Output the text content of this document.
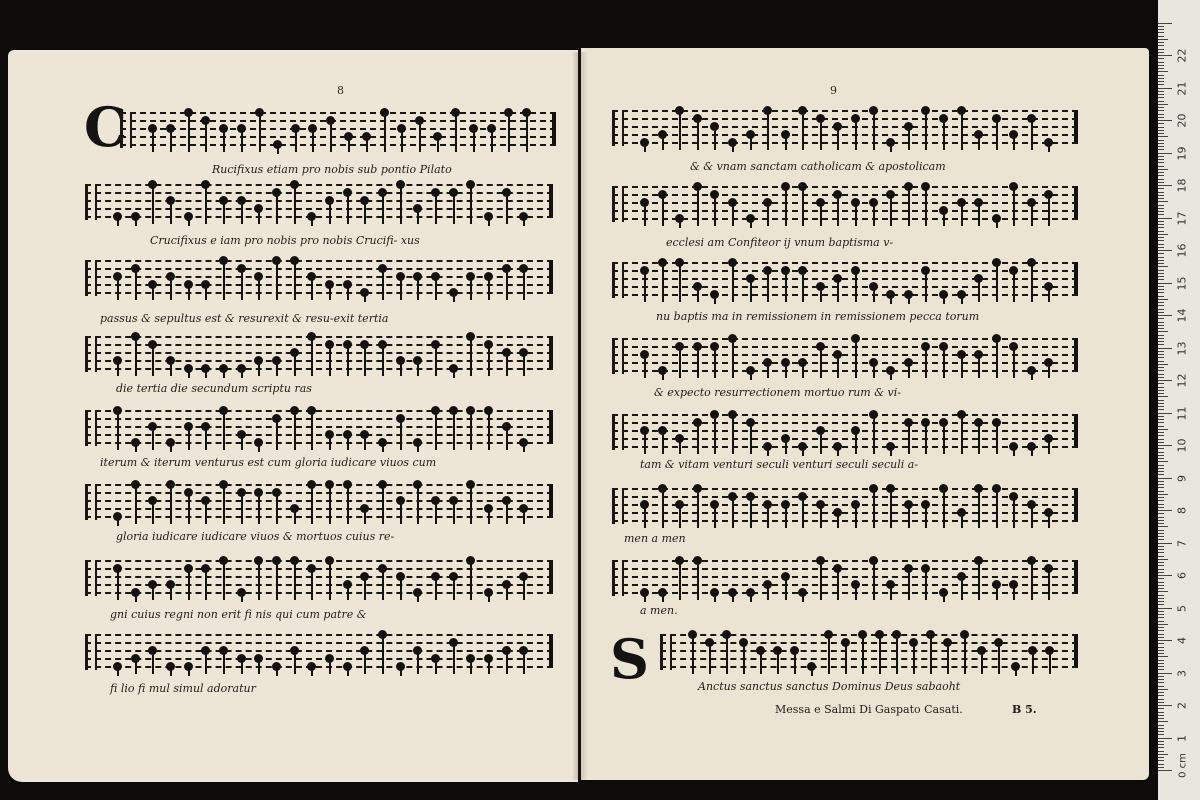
0 cm
1
2
3
4
5
6
7
8
9
10
11
12
13
14
15
16
17
18
19
20
21
22
8	9
C
S
Rucifixus etiam pro nobis sub pontio Pilato
Crucifixus e iam pro nobis pro nobis Crucifi- xus
passus & sepultus est & resurexit & resu-exit tertia
die tertia die secundum scriptu ras
iterum & iterum venturus est cum gloria iudicare viuos cum
gloria iudicare iudicare viuos & mortuos cuius re-
gni cuius regni non erit fi nis qui cum patre &
fi lio fi mul simul adoratur
& & vnam sanctam catholicam & apostolicam
ecclesi am Confiteor ij vnum baptisma v-
nu baptis ma in remissionem in remissionem pecca torum
& expecto resurrectionem mortuo rum & vi-
tam & vitam venturi seculi venturi seculi seculi a-
men a men
a men.
Anctus sanctus sanctus Dominus Deus sabaoht
Messa e Salmi Di Gaspato Casati.	B 5.
